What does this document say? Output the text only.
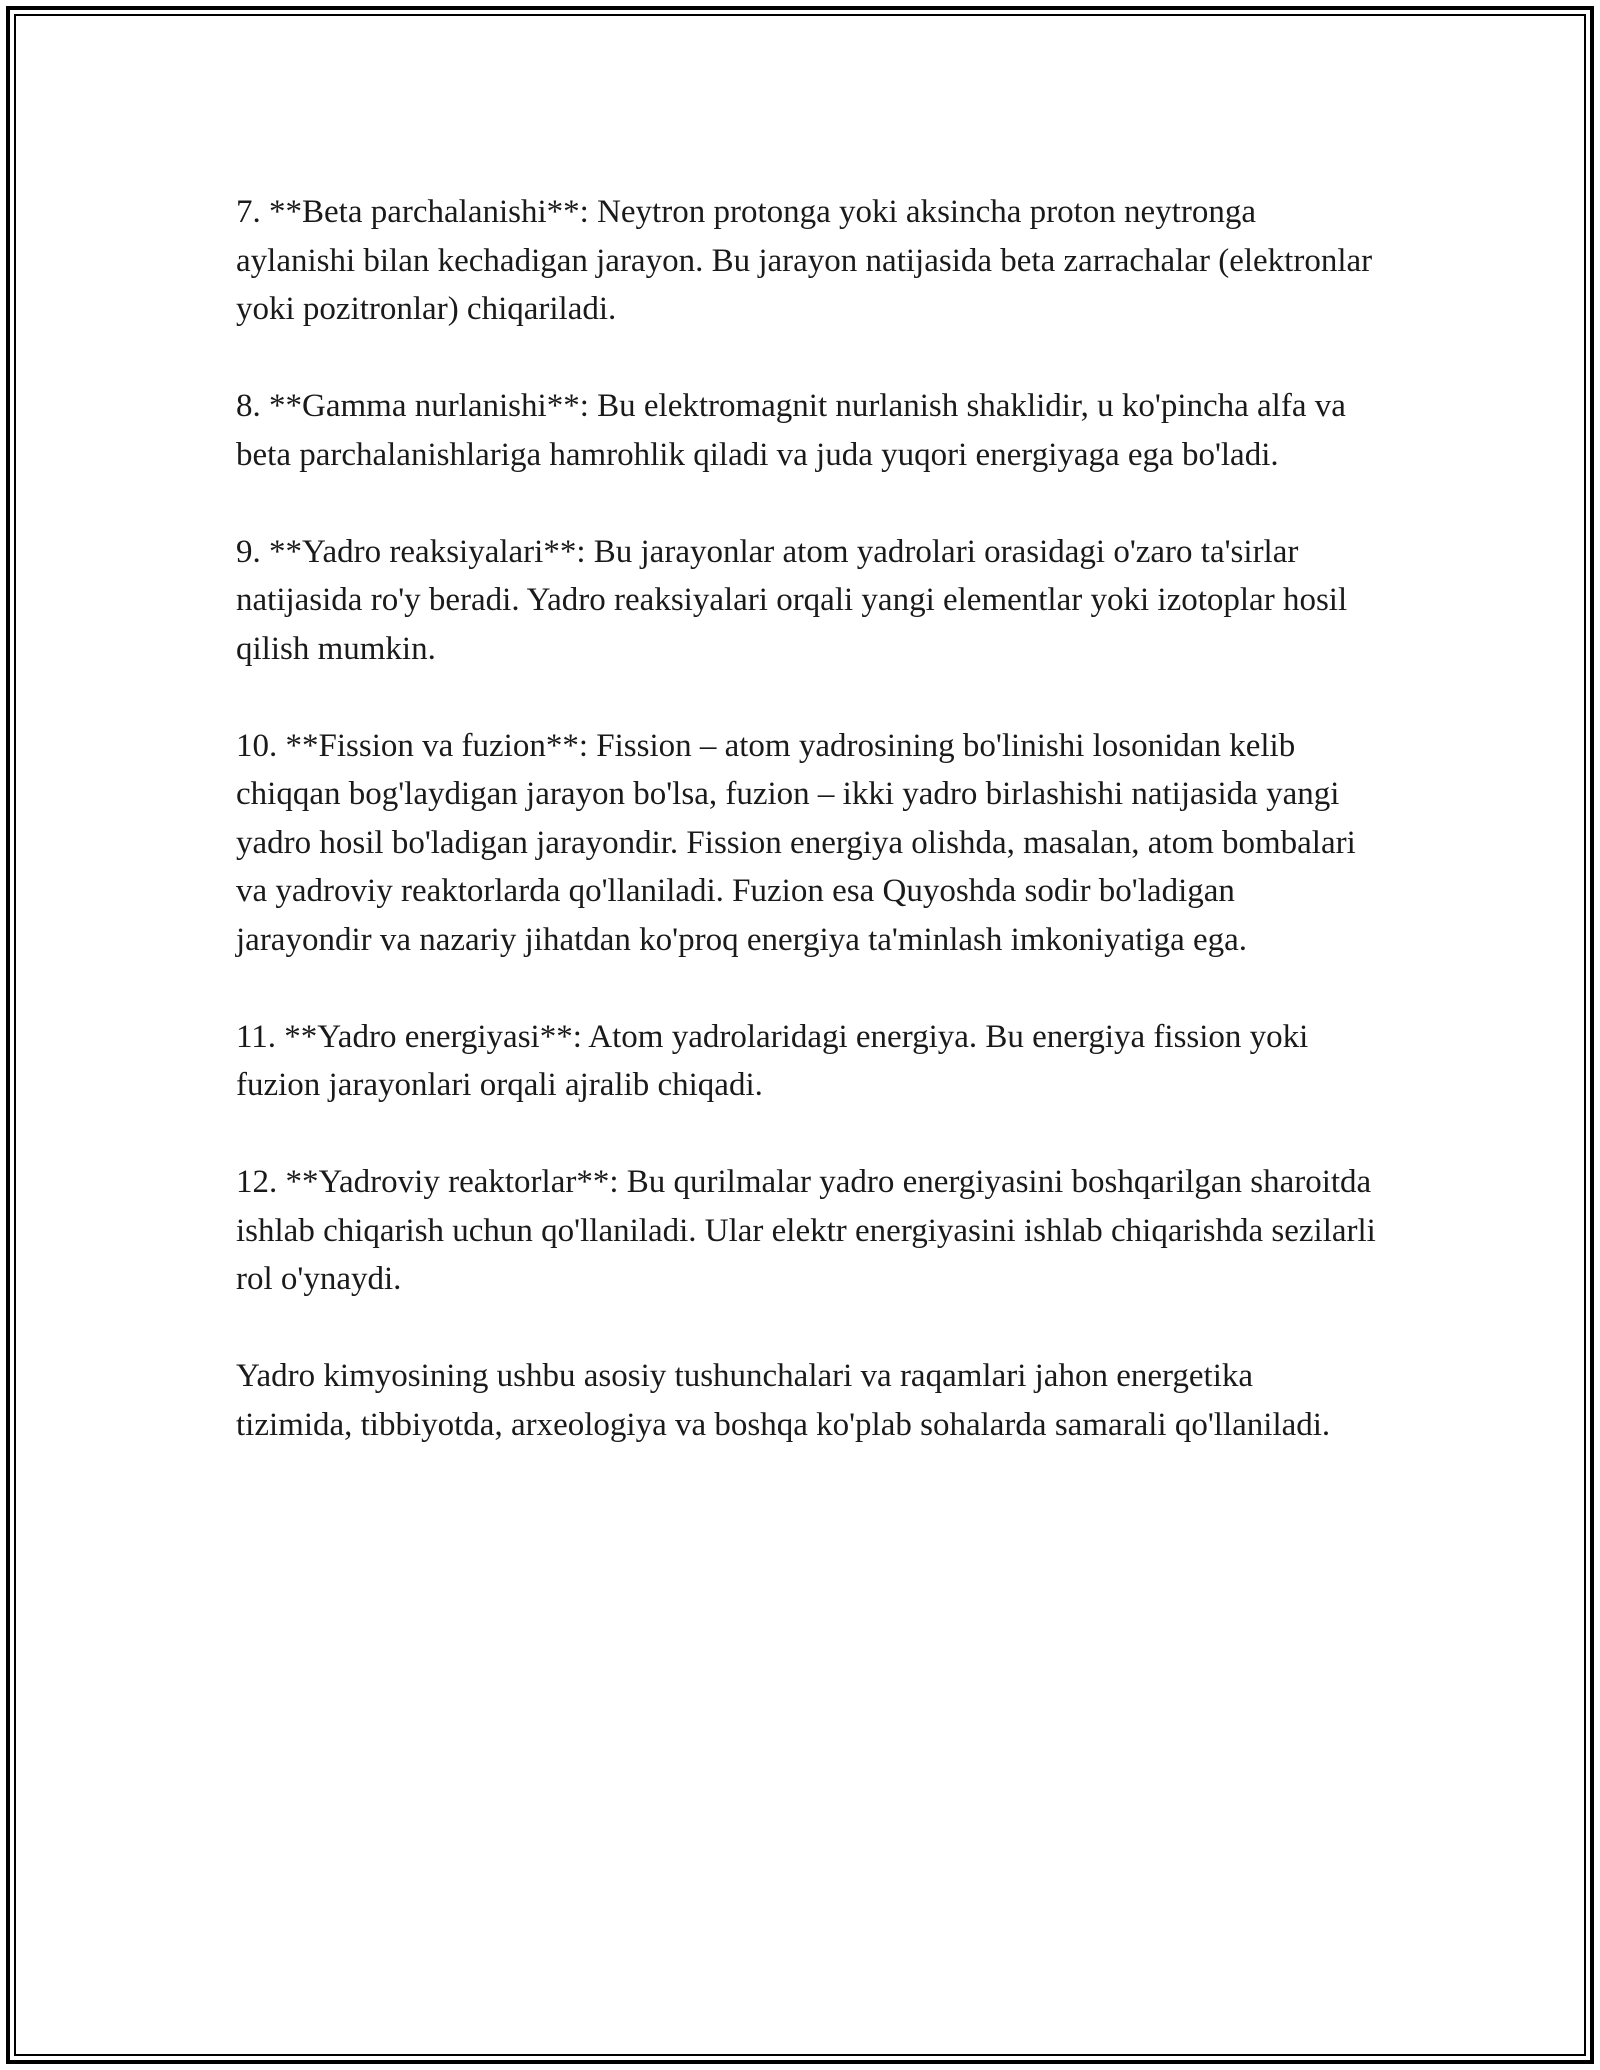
7. **Beta parchalanishi**: Neytron protonga yoki aksincha proton neytronga aylanishi bilan kechadigan jarayon. Bu jarayon natijasida beta zarrachalar (elektronlar yoki pozitronlar) chiqariladi.

8. **Gamma nurlanishi**: Bu elektromagnit nurlanish shaklidir, u ko'pincha alfa va beta parchalanishlariga hamrohlik qiladi va juda yuqori energiyaga ega bo'ladi.

9. **Yadro reaksiyalari**: Bu jarayonlar atom yadrolari orasidagi o'zaro ta'sirlar natijasida ro'y beradi. Yadro reaksiyalari orqali yangi elementlar yoki izotoplar hosil qilish mumkin.

10. **Fission va fuzion**: Fission – atom yadrosining bo'linishi losonidan kelib chiqqan bog'laydigan jarayon bo'lsa, fuzion – ikki yadro birlashishi natijasida yangi yadro hosil bo'ladigan jarayondir. Fission energiya olishda, masalan, atom bombalari va yadroviy reaktorlarda qo'llaniladi. Fuzion esa Quyoshda sodir bo'ladigan jarayondir va nazariy jihatdan ko'proq energiya ta'minlash imkoniyatiga ega.

11. **Yadro energiyasi**: Atom yadrolaridagi energiya. Bu energiya fission yoki fuzion jarayonlari orqali ajralib chiqadi.

12. **Yadroviy reaktorlar**: Bu qurilmalar yadro energiyasini boshqarilgan sharoitda ishlab chiqarish uchun qo'llaniladi. Ular elektr energiyasini ishlab chiqarishda sezilarli rol o'ynaydi.

Yadro kimyosining ushbu asosiy tushunchalari va raqamlari jahon energetika tizimida, tibbiyotda, arxeologiya va boshqa ko'plab sohalarda samarali qo'llaniladi.
